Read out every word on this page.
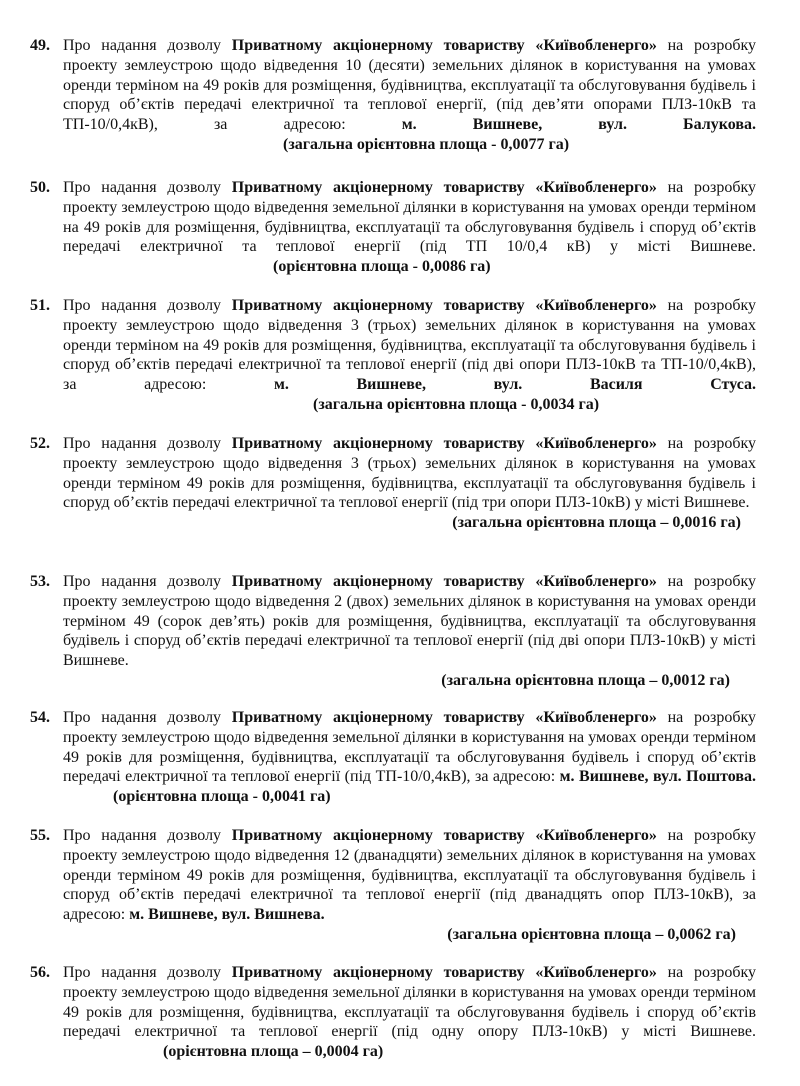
49. Про надання дозволу Приватному акціонерному товариству «Київобленерго» на розробку проекту землеустрою щодо відведення 10 (десяти) земельних ділянок в користування на умовах оренди терміном на 49 років для розміщення, будівництва, експлуатації та обслуговування будівель і споруд об’єктів передачі електричної та теплової енергії, (під дев’яти опорами ПЛЗ-10кВ та ТП-10/0,4кВ), за адресою: м. Вишневе, вул. Балукова. (загальна орієнтовна площа - 0,0077 га)
50. Про надання дозволу Приватному акціонерному товариству «Київобленерго» на розробку проекту землеустрою щодо відведення земельної ділянки в користування на умовах оренди терміном на 49 років для розміщення, будівництва, експлуатації та обслуговування будівель і споруд об’єктів передачі електричної та теплової енергії (під ТП 10/0,4 кВ) у місті Вишневе. (орієнтовна площа - 0,0086 га)
51. Про надання дозволу Приватному акціонерному товариству «Київобленерго» на розробку проекту землеустрою щодо відведення 3 (трьох) земельних ділянок в користування на умовах оренди терміном на 49 років для розміщення, будівництва, експлуатації та обслуговування будівель і споруд об’єктів передачі електричної та теплової енергії (під дві опори ПЛЗ-10кВ та ТП-10/0,4кВ), за адресою: м. Вишневе, вул. Василя Стуса. (загальна орієнтовна площа - 0,0034 га)
52. Про надання дозволу Приватному акціонерному товариству «Київобленерго» на розробку проекту землеустрою щодо відведення 3 (трьох) земельних ділянок в користування на умовах оренди терміном 49 років для розміщення, будівництва, експлуатації та обслуговування будівель і споруд об’єктів передачі електричної та теплової енергії (під три опори ПЛЗ-10кВ) у місті Вишневе.
(загальна орієнтовна площа – 0,0016 га)
53. Про надання дозволу Приватному акціонерному товариству «Київобленерго» на розробку проекту землеустрою щодо відведення 2 (двох) земельних ділянок в користування на умовах оренди терміном 49 (сорок дев’ять) років для розміщення, будівництва, експлуатації та обслуговування будівель і споруд об’єктів передачі електричної та теплової енергії (під дві опори ПЛЗ-10кВ) у місті Вишневе.
(загальна орієнтовна площа – 0,0012 га)
54. Про надання дозволу Приватному акціонерному товариству «Київобленерго» на розробку проекту землеустрою щодо відведення земельної ділянки в користування на умовах оренди терміном 49 років для розміщення, будівництва, експлуатації та обслуговування будівель і споруд об’єктів передачі електричної та теплової енергії (під ТП-10/0,4кВ), за адресою: м. Вишневе, вул. Поштова. (орієнтовна площа - 0,0041 га)
55. Про надання дозволу Приватному акціонерному товариству «Київобленерго» на розробку проекту землеустрою щодо відведення 12 (дванадцяти) земельних ділянок в користування на умовах оренди терміном 49 років для розміщення, будівництва, експлуатації та обслуговування будівель і споруд об’єктів передачі електричної та теплової енергії (під дванадцять опор ПЛЗ-10кВ), за адресою: м. Вишневе, вул. Вишнева.
(загальна орієнтовна площа – 0,0062 га)
56. Про надання дозволу Приватному акціонерному товариству «Київобленерго» на розробку проекту землеустрою щодо відведення земельної ділянки в користування на умовах оренди терміном 49 років для розміщення, будівництва, експлуатації та обслуговування будівель і споруд об’єктів передачі електричної та теплової енергії (під одну опору ПЛЗ-10кВ) у місті Вишневе. (орієнтовна площа – 0,0004 га)
